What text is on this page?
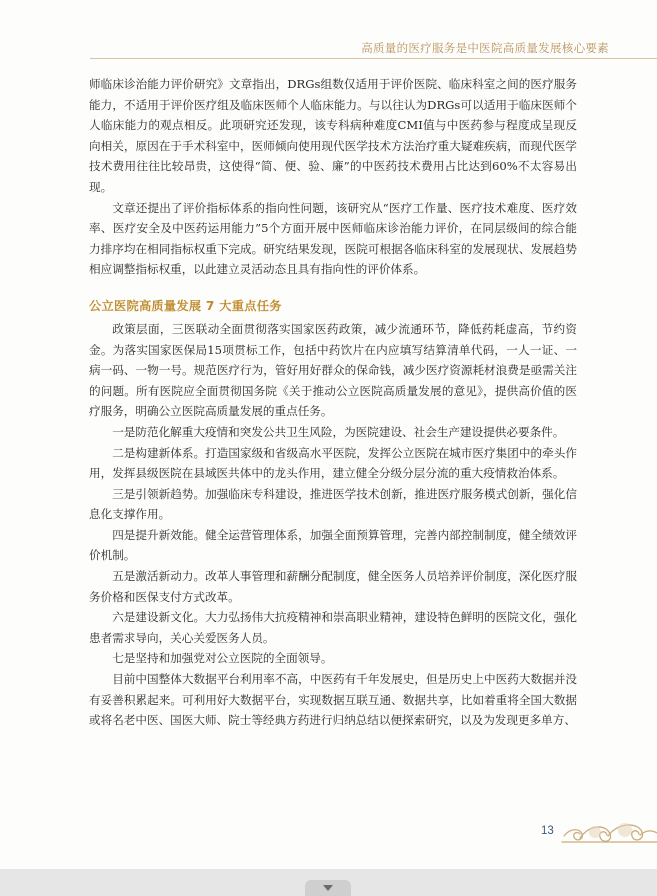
高质量的医疗服务是中医院高质量发展核心要素

师临床诊治能力评价研究》文章指出，DRGs组数仅适用于评价医院、临床科室之间的医疗服务能力，不适用于评价医疗组及临床医师个人临床能力。与以往认为DRGs可以适用于临床医师个人临床能力的观点相反。此项研究还发现，该专科病种难度CMI值与中医药参与程度成呈现反向相关，原因在于手术科室中，医师倾向使用现代医学技术方法治疗重大疑难疾病，而现代医学技术费用往往比较昂贵，这使得“简、便、验、廉”的中医药技术费用占比达到60%不太容易出现。

文章还提出了评价指标体系的指向性问题，该研究从“医疗工作量、医疗技术难度、医疗效率、医疗安全及中医药运用能力”5个方面开展中医师临床诊治能力评价，在同层级间的综合能力排序均在相同指标权重下完成。研究结果发现，医院可根据各临床科室的发展现状、发展趋势相应调整指标权重，以此建立灵活动态且具有指向性的评价体系。

公立医院高质量发展 7 大重点任务

政策层面，三医联动全面贯彻落实国家医药政策，减少流通环节，降低药耗虚高，节约资金。为落实国家医保局15项贯标工作，包括中药饮片在内应填写结算清单代码，一人一证、一病一码、一物一号。规范医疗行为，管好用好群众的保命钱，减少医疗资源耗材浪费是亟需关注的问题。所有医院应全面贯彻国务院《关于推动公立医院高质量发展的意见》，提供高价值的医疗服务，明确公立医院高质量发展的重点任务。

一是防范化解重大疫情和突发公共卫生风险，为医院建设、社会生产建设提供必要条件。

二是构建新体系。打造国家级和省级高水平医院，发挥公立医院在城市医疗集团中的牵头作用，发挥县级医院在县域医共体中的龙头作用，建立健全分级分层分流的重大疫情救治体系。

三是引领新趋势。加强临床专科建设，推进医学技术创新，推进医疗服务模式创新，强化信息化支撑作用。

四是提升新效能。健全运营管理体系，加强全面预算管理，完善内部控制制度，健全绩效评价机制。

五是激活新动力。改革人事管理和薪酬分配制度，健全医务人员培养评价制度，深化医疗服务价格和医保支付方式改革。

六是建设新文化。大力弘扬伟大抗疫精神和崇高职业精神，建设特色鲜明的医院文化，强化患者需求导向，关心关爱医务人员。

七是坚持和加强党对公立医院的全面领导。

目前中国整体大数据平台利用率不高，中医药有千年发展史，但是历史上中医药大数据并没有妥善积累起来。可利用好大数据平台，实现数据互联互通、数据共享，比如着重将全国大数据或将名老中医、国医大师、院士等经典方药进行归纳总结以便探索研究，以及为发现更多单方、

13
